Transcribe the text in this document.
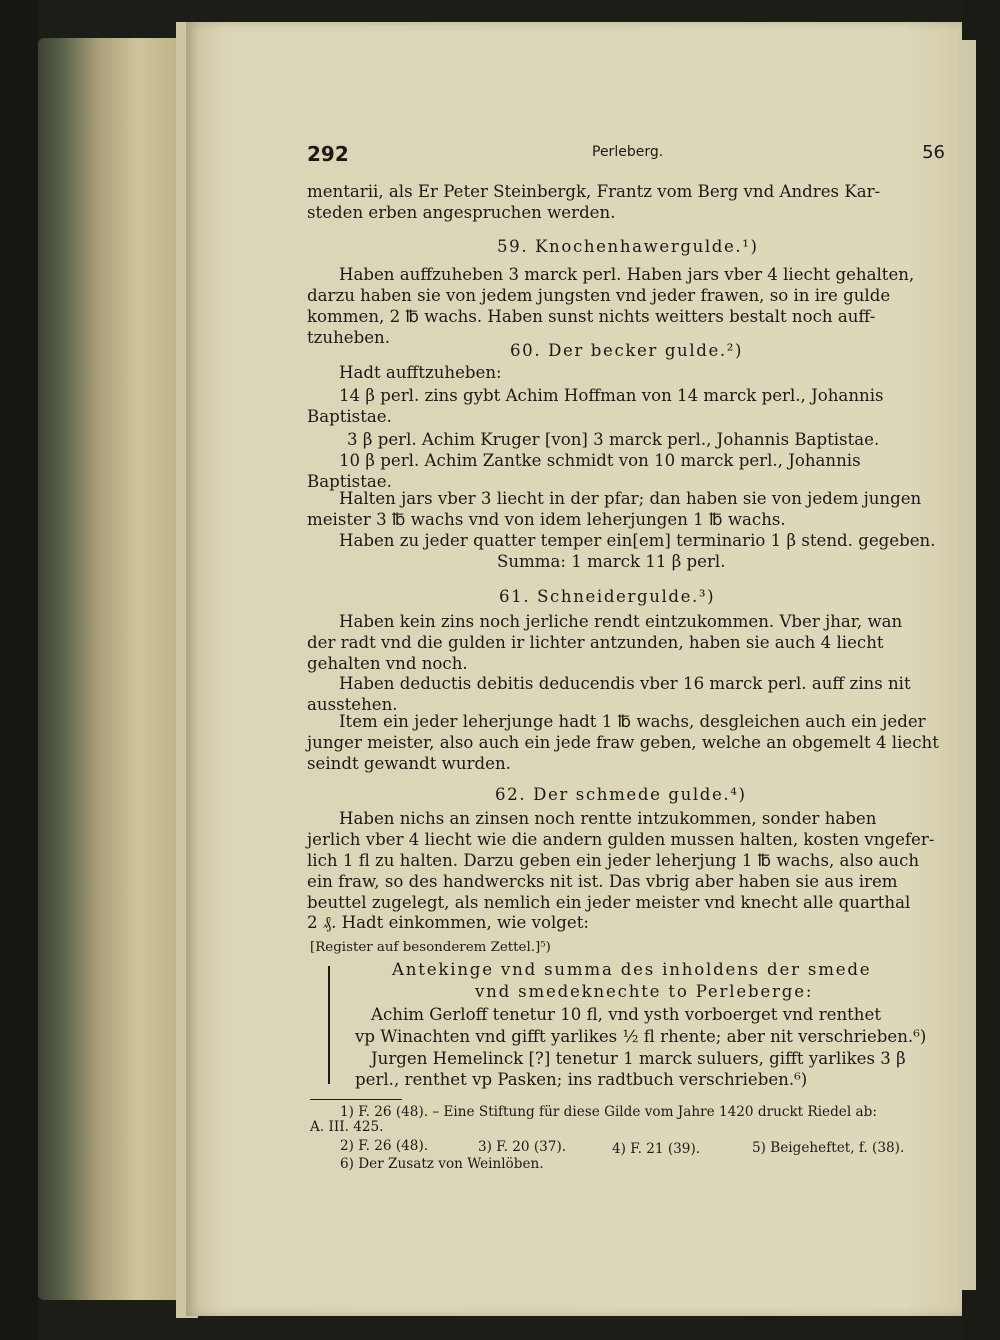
292	Perleberg.	56
mentarii, als Er Peter Steinbergk, Frantz vom Berg vnd Andres Kar-
steden erben angespruchen werden.
59. Knochenhawergulde.¹)
Haben auffzuheben 3 marck perl. Haben jars vber 4 liecht gehalten,
darzu haben sie von jedem jungsten vnd jeder frawen, so in ire gulde
kommen, 2 ℔ wachs. Haben sunst nichts weitters bestalt noch auff-
tzuheben.
60. Der becker gulde.²)
Hadt aufftzuheben:
14 β perl. zins gybt Achim Hoffman von 14 marck perl., Johannis
Baptistae.
3 β perl. Achim Kruger [von] 3 marck perl., Johannis Baptistae.
10 β perl. Achim Zantke schmidt von 10 marck perl., Johannis
Baptistae.
Halten jars vber 3 liecht in der pfar; dan haben sie von jedem jungen
meister 3 ℔ wachs vnd von idem leherjungen 1 ℔ wachs.
Haben zu jeder quatter temper ein[em] terminario 1 β stend. gegeben.
Summa: 1 marck 11 β perl.
61. Schneidergulde.³)
Haben kein zins noch jerliche rendt eintzukommen. Vber jhar, wan
der radt vnd die gulden ir lichter antzunden, haben sie auch 4 liecht
gehalten vnd noch.
Haben deductis debitis deducendis vber 16 marck perl. auff zins nit
ausstehen.
Item ein jeder leherjunge hadt 1 ℔ wachs, desgleichen auch ein jeder
junger meister, also auch ein jede fraw geben, welche an obgemelt 4 liecht
seindt gewandt wurden.
62. Der schmede gulde.⁴)
Haben nichs an zinsen noch rentte intzukommen, sonder haben
jerlich vber 4 liecht wie die andern gulden mussen halten, kosten vngefer-
lich 1 fl zu halten. Darzu geben ein jeder leherjung 1 ℔ wachs, also auch
ein fraw, so des handwercks nit ist. Das vbrig aber haben sie aus irem
beuttel zugelegt, als nemlich ein jeder meister vnd knecht alle quarthal
2 ₰. Hadt einkommen, wie volget:
[Register auf besonderem Zettel.]⁵)
Antekinge vnd summa des inholdens der smede
vnd smedeknechte to Perleberge:
Achim Gerloff tenetur 10 fl, vnd ysth vorboerget vnd renthet
vp Winachten vnd gifft yarlikes ½ fl rhente; aber nit verschrieben.⁶)
Jurgen Hemelinck [?] tenetur 1 marck suluers, gifft yarlikes 3 β
perl., renthet vp Pasken; ins radtbuch verschrieben.⁶)
1) F. 26 (48). – Eine Stiftung für diese Gilde vom Jahre 1420 druckt Riedel ab:
A. III. 425.
2) F. 26 (48).	3) F. 20 (37).	4) F. 21 (39).	5) Beigeheftet, f. (38).
6) Der Zusatz von Weinlöben.
